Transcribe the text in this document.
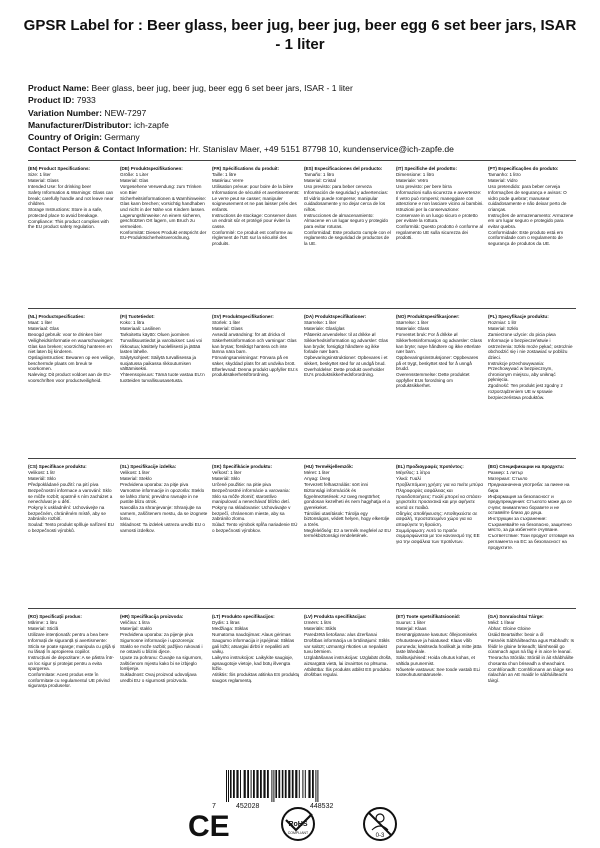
GPSR Label for : Beer glass, beer jug, beer jug, beer egg 6 set beer jars, ISAR - 1 liter
Product Name: Beer glass, beer jug, beer jug, beer egg 6 set beer jars, ISAR - 1 liter
Product ID: 7933
Variation Number: NEW-7297
Manufacturer/Distributor: ich-zapfe
Country of Origin: Germany
Contact Person & Contact Information: Hr. Stanislav Maer, +49 5151 87798 10, kundenservice@ich-zapfe.de
(EN) Product Specifications:

Size: 1 liter

Material: Glass

Intended Use: for drinking beer

Safety Information & Warnings: Glass can break; carefully handle and not leave near children.

Storage Instructions: Store in a safe, protected place to avoid breakage.

Compliance: This product complies with the EU product safety regulation.

(DE) Produktspezifikationen:

Größe: 1 Liter

Material: Glas

Vorgesehene Verwendung: zum Trinken von Bier

Sicherheitsinformationen & Warnhinweise: Glas kann brechen; vorsichtig handhaben und nicht in der Nähe von Kindern lassen.

Lagerungshinweise: An einem sicheren, geschützten Ort lagern, um Bruch zu vermeiden.

Konformität: Dieses Produkt entspricht der EU-Produktsicherheitsverordnung.

(FR) Spécifications du produit:

Taille: 1 litre

Matériau: Verre

Utilisation prévue: pour boire de la bière

Informations de sécurité et avertissements: Le verre peut se casser; manipuler soigneusement et ne pas laisser près des enfants.

Instructions de stockage: Conserver dans un endroit sûr et protégé pour éviter la casse.

Conformité: Ce produit est conforme au règlement de l'UE sur la sécurité des produits.

(ES) Especificaciones del producto:

Tamaño: 1 litro

Material: Cristal

Uso previsto: para beber cerveza

Información de seguridad y advertencias: El vidrio puede romperse; manipular cuidadosamente y no dejar cerca de los niños.

Instrucciones de almacenamiento: Almacene en un lugar seguro y protegido para evitar roturas.

Conformidad: Este producto cumple con el reglamento de seguridad de productos de la UE.

(IT) Specifiche del prodotto:

Dimensione: 1 litro

Materiale: Vetro

Uso previsto: per bere birra

Informazioni sulla sicurezza e avvertenze: Il vetro può rompersi; maneggiare con attenzione e non lasciare vicino ai bambini.

Istruzioni per la conservazione: Conservare in un luogo sicuro e protetto per evitare la rottura.

Conformità: Questo prodotto è conforme al regolamento UE sulla sicurezza dei prodotti.

(PT) Especificações do produto:

Tamanho: 1 litro

Material: Vidro

Uso pretendido: para beber cerveja

Informações de segurança e avisos: O vidro pode quebrar; manusear cuidadosamente e não deixar perto de crianças.

Instruções de armazenamento: Armazene em um lugar seguro e protegido para evitar quebra.

Conformidade: Este produto está em conformidade com o regulamento de segurança de produtos da UE.

(NL) Productspecificaties:

Maat: 1 liter

Materiaal: Glas

Beoogd gebruik: voor te drinken bier

Veiligheidsinformatie en waarschuwingen: Glas kan breken; voorzichtig hanteren en niet laten bij kinderen.

Opslaginstructies: Bewaren op een veilige, beschermde plaats om breuk te voorkomen.

Naleving: Dit product voldoet aan de EU-voorschriften voor productveiligheid.

(FI) Tuotetiedot:

Koko: 1 litra

Materiaali: Lasilinen

Tarkoitettu käyttö: Oluen juominen

Turvallisuustiedot ja varoitukset: Lasi voi rikkoutua; käsittely huolellisesti ja jättää lasten lähelle.

Säilytysohjeet: Säilytä turvallisessa ja suojatussa paikassa rikkoutumisen välttämiseksi.

Yhteensopivuus: Tämä tuote vastaa EU:n tuotteiden turvallisuusasetusta.

(SV) Produktspecifikationer:

Storlek: 1 liter

Material: Glass

Avsedd användning: för att dricka öl

Säkerhetsinformation och varningar: Glas kan brytas; försiktigt hantera och inte lämna nära barn.

Förvaringsanvisningar: Förvara på en säker, skyddad plats för att undvika brott.

Efterlevnad: Denna produkt uppfyller EU:s produktsäkerhetsförordning.

(DA) Produktspecifikationer:

Størrelse: 1 liter

Materiale: Glas/glas

Påtænkt anvendelse: til at drikke øl

Sikkerhedsinformation og advarsler: Glas kan bryde; forsigtigt håndtere og ikke forlade nær børn.

Opbevaringsinstruktioner: Opbevares i et sikkert, beskyttet sted for at undgå brud.

Overholdelse: Dette produkt overholder EU's produktsikkerhedsforordning.

(NO) Produktspesifikasjoner:

Størrelse: 1 liter

Materiale: Glass

Forventet bruk: For å drikke øl

Sikkerhetsinformasjon og advarsler: Glass kan bryte; nøye håndtere og ikke etterlate nær barn.

Oppbevaringsinstruksjoner: Oppbevares på et trygt, beskyttet sted for å unngå brudd.

Overensstemmelse: Dette produktet oppfyller EUs forordning om produktsikkerhet.

(PL) Specyfikacje produktu:

Rozmiar: 1 litr

Materiał: Szkło

Zamierzone użycie: do picia piwa

Informacje o bezpieczeństwie i ostrzeżenia: Szkło może pękać; ostrożnie obchodzić się i nie zostawiać w pobliżu dzieci.

Instrukcje przechowywania: Przechowywać w bezpiecznym, chronionym miejscu, aby uniknąć pęknięcia.

Zgodność: Ten produkt jest zgodny z rozporządzeniem UE w sprawie bezpieczeństwa produktów.

(CS) Specifikace produktu:

Velikost: 1 litr

Materiál: Sklo

Předpokládané použití: na pití piva

Bezpečnostní informace a varování: Sklo se může rozbít; opatrně s ním zacházet a nenechávat je u dětí.

Pokyny k uskladnění: Uchovávejte na bezpečném, chráněném místě, aby se zabránilo rozbití.

Soulad: Tento produkt splňuje nařízení EU o bezpečnosti výrobků.

(SL) Specifikacije izdelka:

Velikost: 1 liter

Material: Steklo

Predvidena uporaba: za pitje piva

Varnostne informacije in opozorila: Steklo se lahko zlomi; previdno ravnajte in ne pustite blizu otrok.

Navodila za shranjevanje: Shranjujte na varnem, zaščitenem mestu, da se izognete lomu.

Skladnost: Ta izdelek ustreza uredbi EU o varnosti izdelkov.

(SK) Špecifikácie produktu:

Veľkosť: 1 liter

Materiál: Sklo

Určené použitie: na pitie piva

Bezpečnostné informácie a varovania: Sklo sa môže zlomiť; starostlivo manipulovať a nenechávať blízko detí.

Pokyny na skladovanie: Uchovávajte v bezpečí, chránenom mieste, aby sa zabránilo zlomu.

Súlad: Tento výrobok spĺňa nariadenie EÚ o bezpečnosti výrobkov.

(HU) Termékjellemzők:

Méret: 1 liter

Anyag: Üveg

Tervezett felhasználás: sört inni

Biztonsági információk és figyelmeztetések: Az üveg megtörhet; gondosan kezelheti és nem hagyhatja el a gyerekeket.

Tárolási utasítások: Tárolja egy biztonságos, védett helyen, hogy elkerülje a törés.

Megfelelőség: Ez a termék megfelel az EU termékbiztonsági rendeletének.

(EL) Προδιαγραφές προϊόντος:

Μέγεθος: 1 λίτρο

Υλικό: Γυαλί

Προβλεπόμενη χρήση: για να πιείτε μπύρα

Πληροφορίες ασφάλειας και προειδοποιήσεις: Γυαλί μπορεί να σπάσει· χειριστείτε προσεκτικά και μην αφήνετε κοντά σε παιδιά.

Οδηγίες αποθήκευσης: Αποθηκεύστε σε ασφαλή, προστατευμένο χώρο για να αποφύγετε τη θραύση.

Συμμόρφωση: Αυτό το προϊόν συμμορφώνεται με τον κανονισμό της ΕΕ για την ασφάλεια των προϊόντων.

(BG) Спецификации на продукта:

Размер: 1 литър

Материал: Стъкло

Предназначена употреба: за пиене на бира

Информация за безопасност и предупреждения: Стъклото може да се счупи; внимателно боравете и не оставяйте близо до деца.

Инструкции за съхранение: Съхранявайте на безопасно, защитено място, за да избегнете счупване.

Съответствие: Този продукт отговаря на регламента на ЕС за безопасност на продуктите.

(RO) Specificații produs:

Mărime: 1 litru

Material: Sticlă

Utilizare intenționată: pentru a bea bere

Informații de siguranță și avertismente: Sticla se poate sparge; manipula cu grijă și nu lăsați în apropierea copiilor.

Instrucțiuni de depozitare: A se păstra într-un loc sigur și protejat pentru a evita spargerea.

Conformitate: Acest produs este în conformitate cu regulamentul UE privind siguranța produselor.

(HR) Specifikacija proizvoda:

Veličina: 1 litra

Materijal: staklo

Predviđena uporaba: za pijenje piva

Sigurnosne informacije i upozorenja: Staklo se može razbiti; pažljivo rukovati i ne ostaviti u blizini djece.

Upute za pohranu: Čuvajte na sigurnom, zaštićenom mjestu kako bi se izbjeglo lomljenje.

Sukladnost: Ovaj proizvod udovoljava uredbi EU o sigurnosti proizvoda.

(LT) Produkto specifikacijos:

Dydis: 1 litras

Medžiaga: Stiklas

Numatoma naudojimas: Alaus gėrimas

Saugumo informacija ir įspėjimai: Stiklas gali lūžti; atsargiai dirbti ir nepalikti arti vaikų.

Laikymo instrukcijos: Laikykite saugioje, apsaugotoje vietoje, kad būtų išvengta lūžio.

Atitiktis: Šis produktas atitinka ES produktų saugos reglamentą.

(LV) Produkta specifikācijas:

Izmērs: 1 litrs

Materiāls: Stikls

Paredzētā lietošana: alus dzeršanai

Drošības informācija un brīdinājumi: Stikls var salūzt; uzmanīgi rīkoties un nepalaist tuvu bērniem.

Uzglabāšanas instrukcijas: Uzglabāt drošā, aizsargātā vietā, lai izvairītos no plīsuma.

Atbilstība: Šis produkts atbilst ES produktu drošības regulai.

(ET) Toote spetsifikatsioonid:

Suurus: 1 liiter

Materjal: Klaas

Eesmärgipärane kasutus: õllejoomiseks

Ohutusteave ja hoiatused: Klaas võib puruneda; käsitseda hoolikalt ja mitte jätta laste lähedale.

Säilitusjuhised: Hoida ohutus kohas, et vältida purunemist.

Nõuetele vastavus: See toode vastab ELi tooteohutusmäärusele.

(GA) Sonraíochtaí Táirge:

Méid: 1 lítear

Ábhar: Gloine Gloine

Úsáid Beartaithe: beoir a ól

Faisnéis Sábháilteachta agus Rabhadh: Is féidir le gloine briseadh; láimhseáil go cúramach agus ná fág é in aice le leanaí.

Treoracha Stórála: Stóráil in áit shábháilte chosanta chun briseadh a sheachaint.

Comhlíonadh: Comhlíonann an táirge seo rialachán an AE maidir le sábháilteacht táirgí.

7	452028	448532
CE	RoHS
COMPLIANT	0-3
